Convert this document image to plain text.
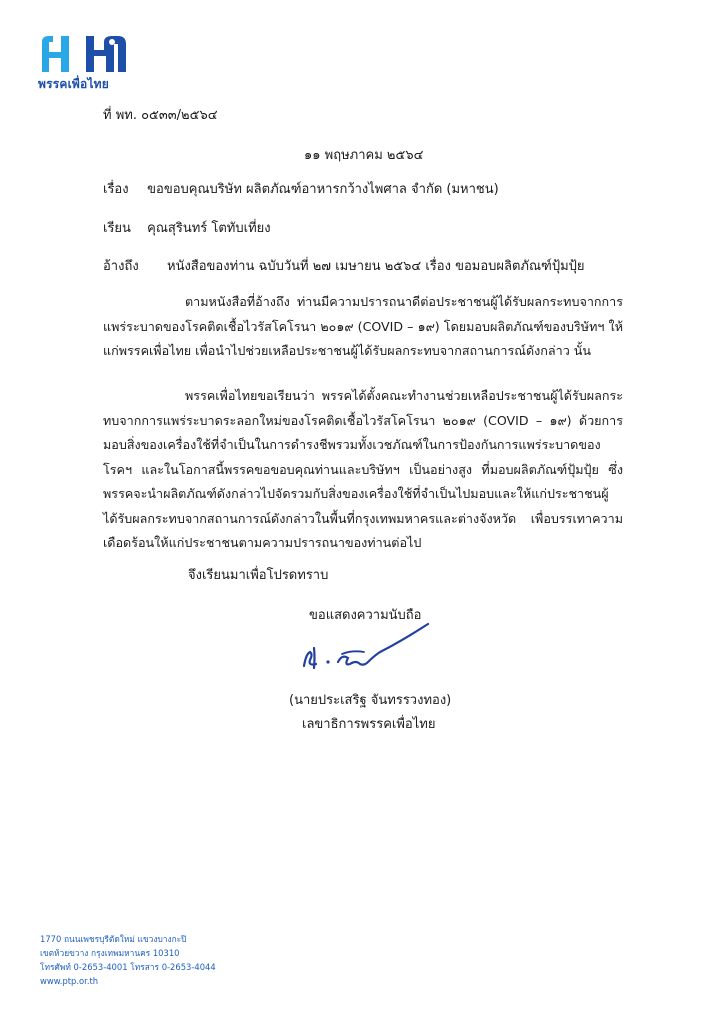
พรรคเพื่อไทย
ที่ พท. ๐๕๓๓/๒๕๖๔
๑๑ พฤษภาคม ๒๕๖๔
เรื่อง ขอขอบคุณบริษัท ผลิตภัณฑ์อาหารกว้างไพศาล จำกัด (มหาชน)
เรียน คุณสุรินทร์ โตทับเที่ยง
อ้างถึง หนังสือของท่าน ฉบับวันที่ ๒๗ เมษายน ๒๕๖๔ เรื่อง ขอมอบผลิตภัณฑ์ปุ้มปุ้ย
ตามหนังสือที่อ้างถึง ท่านมีความปรารถนาดีต่อประชาชนผู้ได้รับผลกระทบจากการแพร่ระบาดของโรคติดเชื้อไวรัสโคโรนา ๒๐๑๙ (COVID – ๑๙) โดยมอบผลิตภัณฑ์ของบริษัทฯ ให้แก่พรรคเพื่อไทย เพื่อนำไปช่วยเหลือประชาชนผู้ได้รับผลกระทบจากสถานการณ์ดังกล่าว นั้น
พรรคเพื่อไทยขอเรียนว่า พรรคได้ตั้งคณะทำงานช่วยเหลือประชาชนผู้ได้รับผลกระทบจากการแพร่ระบาดระลอกใหม่ของโรคติดเชื้อไวรัสโคโรนา ๒๐๑๙ (COVID – ๑๙) ด้วยการมอบสิ่งของเครื่องใช้ที่จำเป็นในการดำรงชีพรวมทั้งเวชภัณฑ์ในการป้องกันการแพร่ระบาดของโรคฯ และในโอกาสนี้พรรคขอขอบคุณท่านและบริษัทฯ เป็นอย่างสูง ที่มอบผลิตภัณฑ์ปุ้มปุ้ย ซึ่งพรรคจะนำผลิตภัณฑ์ดังกล่าวไปจัดรวมกับสิ่งของเครื่องใช้ที่จำเป็นไปมอบและให้แก่ประชาชนผู้ได้รับผลกระทบจากสถานการณ์ดังกล่าวในพื้นที่กรุงเทพมหาครและต่างจังหวัด เพื่อบรรเทาความเดือดร้อนให้แก่ประชาชนตามความปรารถนาของท่านต่อไป
จึงเรียนมาเพื่อโปรดทราบ
ขอแสดงความนับถือ
(นายประเสริฐ จันทรรวงทอง)
เลขาธิการพรรคเพื่อไทย
1770 ถนนเพชรบุรีตัดใหม่ แขวงบางกะปิ
เขตห้วยขวาง กรุงเทพมหานคร 10310
โทรศัพท์ 0-2653-4001 โทรสาร 0-2653-4044
www.ptp.or.th
